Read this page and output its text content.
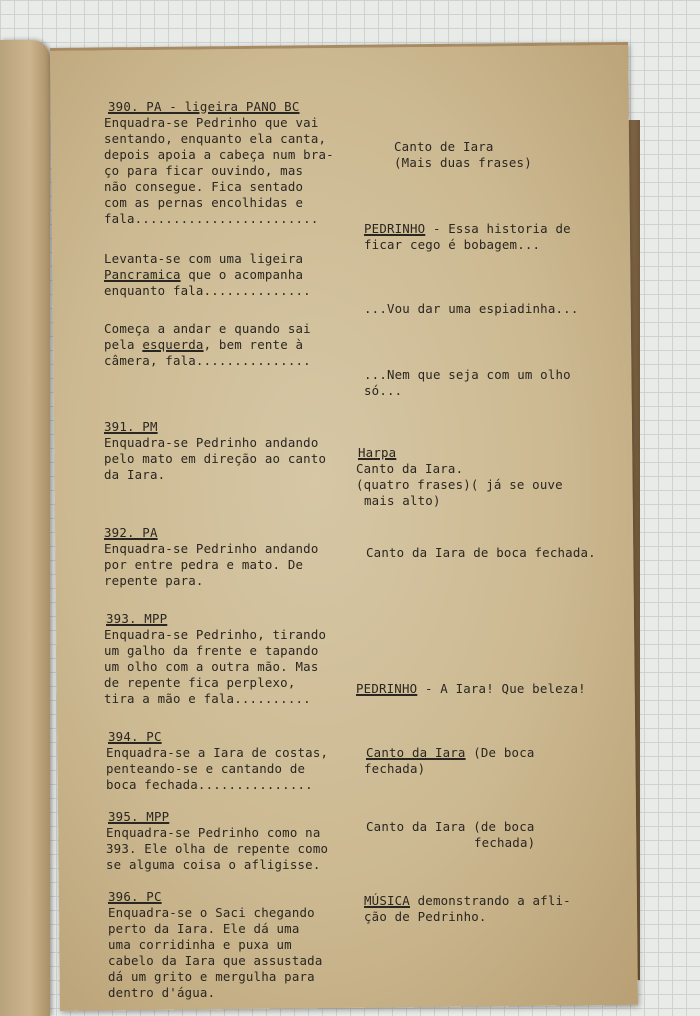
390. PA - ligeira PANO BC
Enquadra-se Pedrinho que vai
sentando, enquanto ela canta,
depois apoia a cabeça num bra-
ço para ficar ouvindo, mas
não consegue. Fica sentado
com as pernas encolhidas e
fala........................
Levanta-se com uma ligeira
Pancramica que o acompanha
enquanto fala..............
Começa a andar e quando sai
pela esquerda, bem rente à
câmera, fala...............
391. PM
Enquadra-se Pedrinho andando
pelo mato em direção ao canto
da Iara.
392. PA
Enquadra-se Pedrinho andando
por entre pedra e mato. De
repente para.
393. MPP
Enquadra-se Pedrinho, tirando
um galho da frente e tapando
um olho com a outra mão. Mas
de repente fica perplexo,
tira a mão e fala..........
394. PC
Enquadra-se a Iara de costas,
penteando-se e cantando de
boca fechada...............
395. MPP
Enquadra-se Pedrinho como na
393. Ele olha de repente como
se alguma coisa o afligisse.
396. PC
Enquadra-se o Saci chegando
perto da Iara. Ele dá uma
uma corridinha e puxa um
cabelo da Iara que assustada
dá um grito e mergulha para
dentro d'água.
Canto de Iara
(Mais duas frases)
PEDRINHO - Essa historia de
ficar cego é bobagem...
...Vou dar uma espiadinha...
...Nem que seja com um olho
só...
Harpa
Canto da Iara.
(quatro frases)( já se ouve
mais alto)
Canto da Iara de boca fechada.
PEDRINHO - A Iara! Que beleza!
Canto da Iara (De boca
fechada)
Canto da Iara (de boca
fechada)
MÚSICA demonstrando a afli-
ção de Pedrinho.
